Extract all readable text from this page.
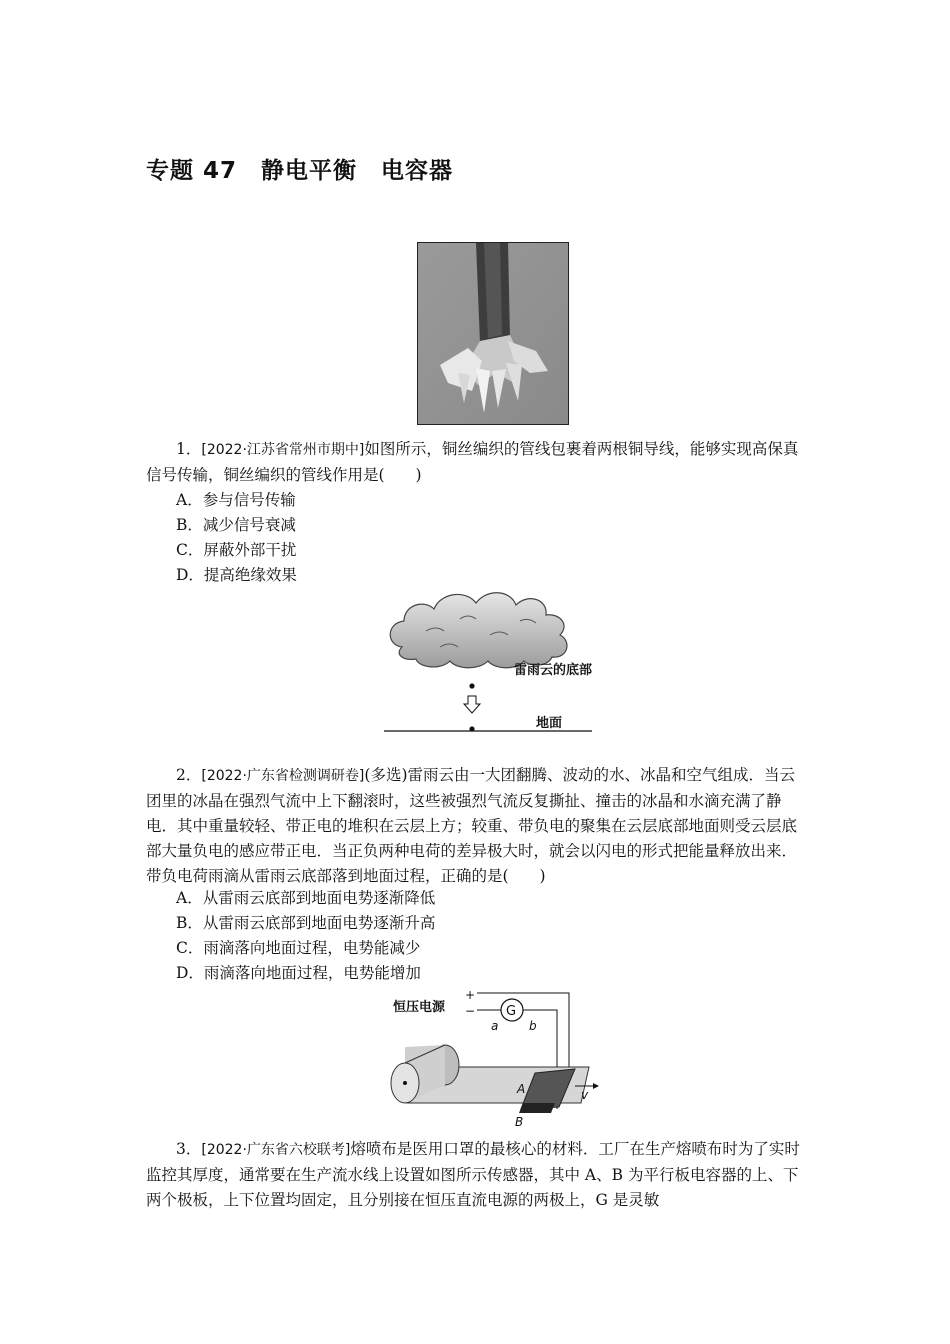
专题 47　静电平衡　电容器

1．[2022·江苏省常州市期中]如图所示，铜丝编织的管线包裹着两根铜导线，能够实现高保真信号传输，铜丝编织的管线作用是(　　)

A．参与信号传输
B．减少信号衰减
C．屏蔽外部干扰
D．提高绝缘效果
雷雨云的底部
地面

2．[2022·广东省检测调研卷](多选)雷雨云由一大团翻腾、波动的水、冰晶和空气组成．当云团里的冰晶在强烈气流中上下翻滚时，这些被强烈气流反复撕扯、撞击的冰晶和水滴充满了静电．其中重量较轻、带正电的堆积在云层上方；较重、带负电的聚集在云层底部地面则受云层底部大量负电的感应带正电．当正负两种电荷的差异极大时，就会以闪电的形式把能量释放出来．带负电荷雨滴从雷雨云底部落到地面过程，正确的是(　　)

A．从雷雨云底部到地面电势逐渐降低
B．从雷雨云底部到地面电势逐渐升高
C．雨滴落向地面过程，电势能减少
D．雨滴落向地面过程，电势能增加
恒压电源
+
− G
a	b
A
B
v

3．[2022·广东省六校联考]熔喷布是医用口罩的最核心的材料．工厂在生产熔喷布时为了实时监控其厚度，通常要在生产流水线上设置如图所示传感器，其中 A、B 为平行板电容器的上、下两个极板，上下位置均固定，且分别接在恒压直流电源的两极上，G 是灵敏
